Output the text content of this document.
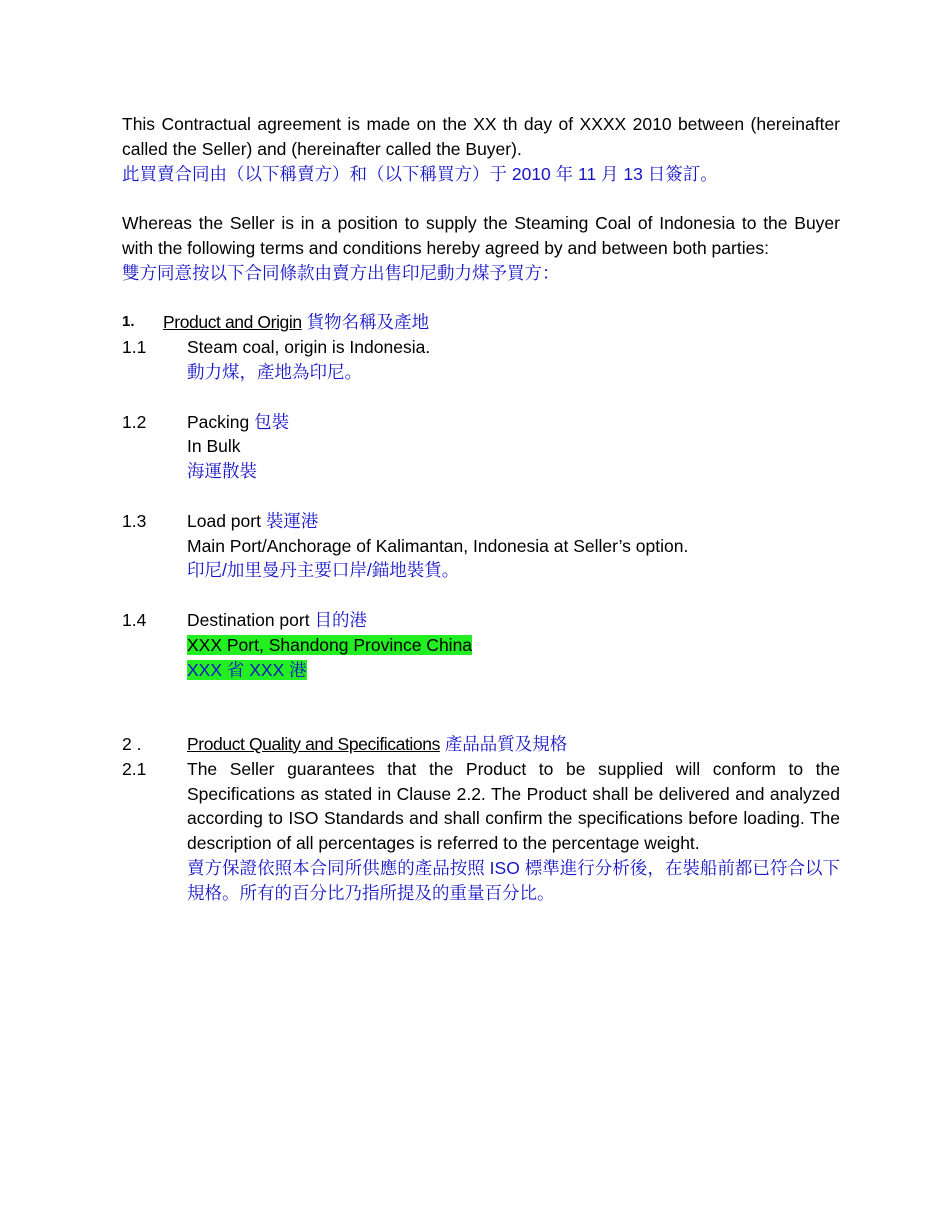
This Contractual agreement is made on the XX th day of XXXX 2010 between (hereinafter called the Seller) and (hereinafter called the Buyer).
此買賣合同由（以下稱賣方）和（以下稱買方）于 2010 年 11 月 13 日簽訂。

Whereas the Seller is in a position to supply the Steaming Coal of Indonesia to the Buyer with the following terms and conditions hereby agreed by and between both parties:
雙方同意按以下合同條款由賣方出售印尼動力煤予買方：

1.	Product and Origin 貨物名稱及產地
1.1	Steam coal, origin is Indonesia.

動力煤，產地為印尼。

1.2	Packing 包裝

In Bulk

海運散裝

1.3	Load port 裝運港

Main Port/Anchorage of Kalimantan, Indonesia at Seller’s option.

印尼/加里曼丹主要口岸/錨地裝貨。

1.4	Destination port 目的港

XXX Port, Shandong Province China

XXX 省 XXX 港

2 .	Product Quality and Specifications 產品品質及規格
2.1	The Seller guarantees that the Product to be supplied will conform to the Specifications as stated in Clause 2.2. The Product shall be delivered and analyzed according to ISO Standards and shall confirm the specifications before loading. The description of all percentages is referred to the percentage weight.

賣方保證依照本合同所供應的產品按照 ISO 標準進行分析後，在裝船前都已符合以下規格。所有的百分比乃指所提及的重量百分比。
